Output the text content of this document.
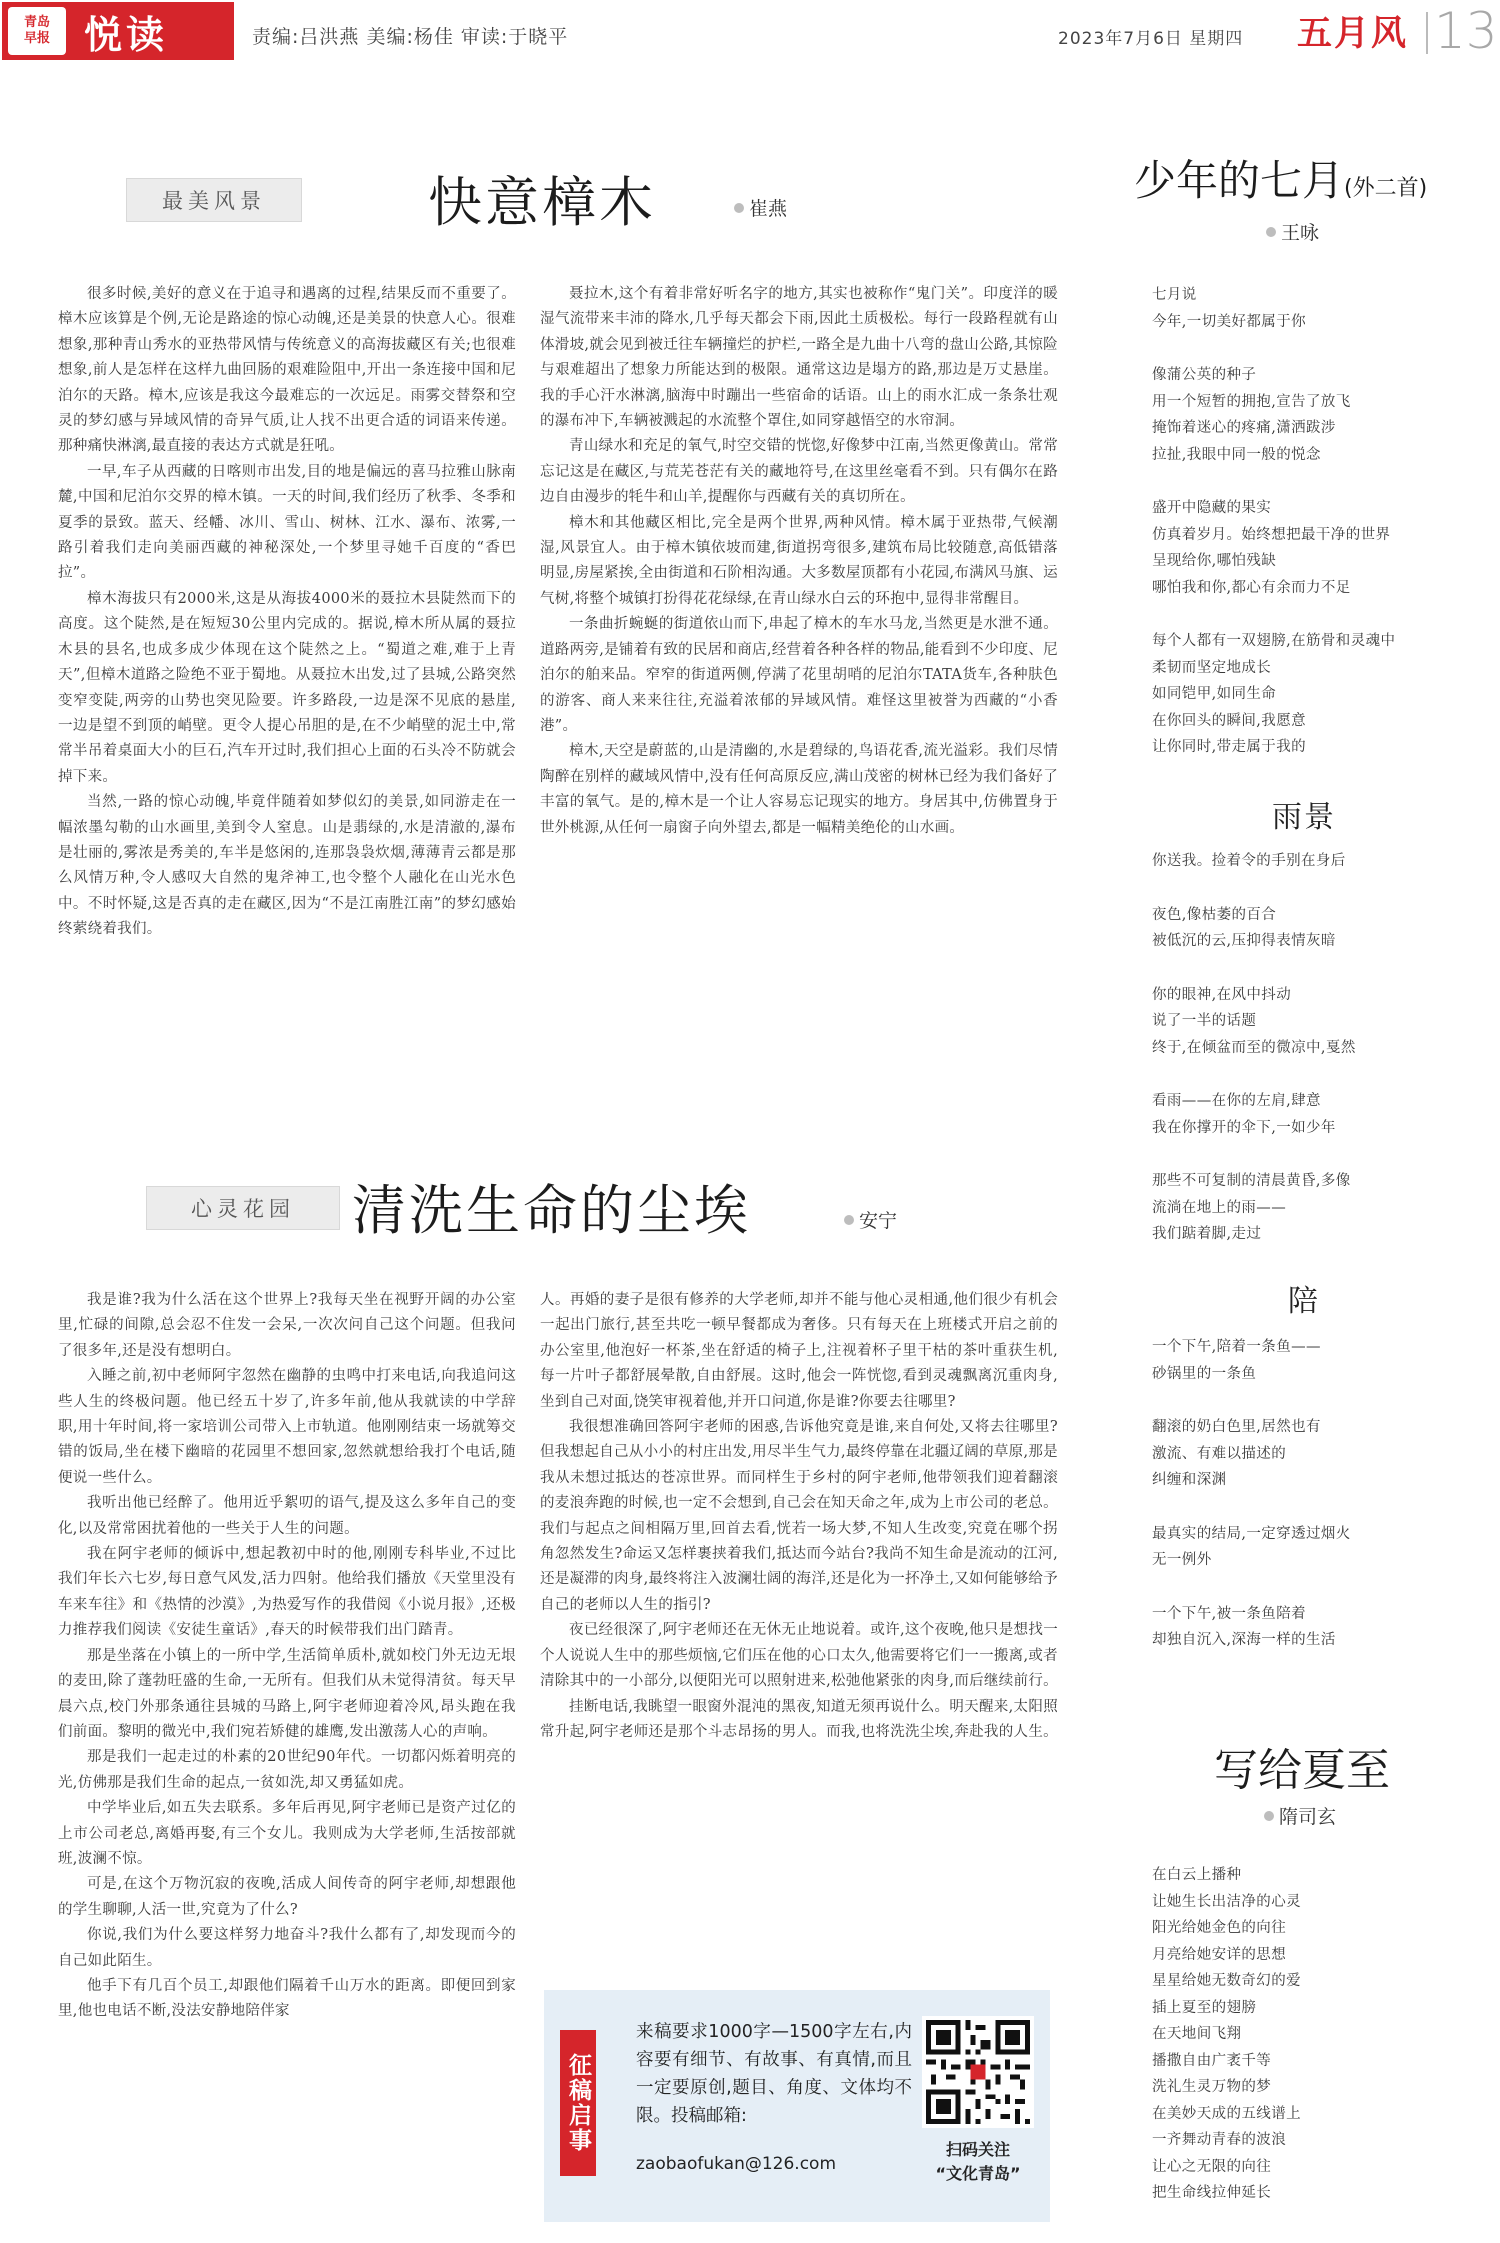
青岛
早报 悦读	责编:吕洪燕 美编:杨佳 审读:于晓平	2023年7月6日 星期四 五月风 13
最美风景	快意樟木	崔燕

很多时候,美好的意义在于追寻和遇离的过程,结果反而不重要了。樟木应该算是个例,无论是路途的惊心动魄,还是美景的快意人心。很难想象,那种青山秀水的亚热带风情与传统意义的高海拔藏区有关;也很难想象,前人是怎样在这样九曲回肠的艰难险阻中,开出一条连接中国和尼泊尔的天路。樟木,应该是我这今最难忘的一次远足。雨雾交替祭和空灵的梦幻感与异域风情的奇异气质,让人找不出更合适的词语来传递。那种痛快淋漓,最直接的表达方式就是狂吼。

一早,车子从西藏的日喀则市出发,目的地是偏远的喜马拉雅山脉南麓,中国和尼泊尔交界的樟木镇。一天的时间,我们经历了秋季、冬季和夏季的景致。蓝天、经幡、冰川、雪山、树林、江水、瀑布、浓雾,一路引着我们走向美丽西藏的神秘深处,一个梦里寻她千百度的“香巴拉”。

樟木海拔只有2000米,这是从海拔4000米的聂拉木县陡然而下的高度。这个陡然,是在短短30公里内完成的。据说,樟木所从属的聂拉木县的县名,也成多成少体现在这个陡然之上。“蜀道之难,难于上青天”,但樟木道路之险绝不亚于蜀地。从聂拉木出发,过了县城,公路突然变窄变陡,两旁的山势也突见险要。许多路段,一边是深不见底的悬崖,一边是望不到顶的峭壁。更令人提心吊胆的是,在不少峭壁的泥土中,常常半吊着桌面大小的巨石,汽车开过时,我们担心上面的石头冷不防就会掉下来。

当然,一路的惊心动魄,毕竟伴随着如梦似幻的美景,如同游走在一幅浓墨勾勒的山水画里,美到令人窒息。山是翡绿的,水是清澈的,瀑布是壮丽的,雾浓是秀美的,车半是悠闲的,连那袅袅炊烟,薄薄青云都是那么风情万种,令人感叹大自然的鬼斧神工,也令整个人融化在山光水色中。不时怀疑,这是否真的走在藏区,因为“不是江南胜江南”的梦幻感始终萦绕着我们。

聂拉木,这个有着非常好听名字的地方,其实也被称作“鬼门关”。印度洋的暖湿气流带来丰沛的降水,几乎每天都会下雨,因此土质极松。每行一段路程就有山体滑坡,就会见到被迁往车辆撞烂的护栏,一路全是九曲十八弯的盘山公路,其惊险与艰难超出了想象力所能达到的极限。通常这边是塌方的路,那边是万丈悬崖。我的手心汗水淋漓,脑海中时蹦出一些宿命的话语。山上的雨水汇成一条条壮观的瀑布冲下,车辆被溅起的水流整个罩住,如同穿越悟空的水帘洞。

青山绿水和充足的氧气,时空交错的恍惚,好像梦中江南,当然更像黄山。常常忘记这是在藏区,与荒芜苍茫有关的藏地符号,在这里丝毫看不到。只有偶尔在路边自由漫步的牦牛和山羊,提醒你与西藏有关的真切所在。

樟木和其他藏区相比,完全是两个世界,两种风情。樟木属于亚热带,气候潮湿,风景宜人。由于樟木镇依坡而建,街道拐弯很多,建筑布局比较随意,高低错落明显,房屋紧挨,全由街道和石阶相沟通。大多数屋顶都有小花园,布满风马旗、运气树,将整个城镇打扮得花花绿绿,在青山绿水白云的环抱中,显得非常醒目。

一条曲折蜿蜒的街道依山而下,串起了樟木的车水马龙,当然更是水泄不通。道路两旁,是铺着有致的民居和商店,经营着各种各样的物品,能看到不少印度、尼泊尔的舶来品。窄窄的街道两侧,停满了花里胡哨的尼泊尔TATA货车,各种肤色的游客、商人来来往往,充溢着浓郁的异域风情。难怪这里被誉为西藏的“小香港”。

樟木,天空是蔚蓝的,山是清幽的,水是碧绿的,鸟语花香,流光溢彩。我们尽情陶醉在别样的藏域风情中,没有任何高原反应,满山茂密的树林已经为我们备好了丰富的氧气。是的,樟木是一个让人容易忘记现实的地方。身居其中,仿佛置身于世外桃源,从任何一扇窗子向外望去,都是一幅精美绝伦的山水画。

心灵花园	清洗生命的尘埃	安宁

我是谁?我为什么活在这个世界上?我每天坐在视野开阔的办公室里,忙碌的间隙,总会忍不住发一会呆,一次次问自己这个问题。但我问了很多年,还是没有想明白。

入睡之前,初中老师阿宇忽然在幽静的虫鸣中打来电话,向我追问这些人生的终极问题。他已经五十岁了,许多年前,他从我就读的中学辞职,用十年时间,将一家培训公司带入上市轨道。他刚刚结束一场就筹交错的饭局,坐在楼下幽暗的花园里不想回家,忽然就想给我打个电话,随便说一些什么。

我听出他已经醉了。他用近乎絮叨的语气,提及这么多年自己的变化,以及常常困扰着他的一些关于人生的问题。

我在阿宇老师的倾诉中,想起教初中时的他,刚刚专科毕业,不过比我们年长六七岁,每日意气风发,活力四射。他给我们播放《天堂里没有车来车往》和《热情的沙漠》,为热爱写作的我借阅《小说月报》,还极力推荐我们阅读《安徒生童话》,春天的时候带我们出门踏青。

那是坐落在小镇上的一所中学,生活简单质朴,就如校门外无边无垠的麦田,除了蓬勃旺盛的生命,一无所有。但我们从未觉得清贫。每天早晨六点,校门外那条通往县城的马路上,阿宇老师迎着冷风,昂头跑在我们前面。黎明的微光中,我们宛若矫健的雄鹰,发出激荡人心的声响。

那是我们一起走过的朴素的20世纪90年代。一切都闪烁着明亮的光,仿佛那是我们生命的起点,一贫如洗,却又勇猛如虎。

中学毕业后,如五失去联系。多年后再见,阿宇老师已是资产过亿的上市公司老总,离婚再娶,有三个女儿。我则成为大学老师,生活按部就班,波澜不惊。

可是,在这个万物沉寂的夜晚,活成人间传奇的阿宇老师,却想跟他的学生聊聊,人活一世,究竟为了什么?

你说,我们为什么要这样努力地奋斗?我什么都有了,却发现而今的自己如此陌生。

他手下有几百个员工,却跟他们隔着千山万水的距离。即便回到家里,他也电话不断,没法安静地陪伴家

人。再婚的妻子是很有修养的大学老师,却并不能与他心灵相通,他们很少有机会一起出门旅行,甚至共吃一顿早餐都成为奢侈。只有每天在上班楼式开启之前的办公室里,他泡好一杯茶,坐在舒适的椅子上,注视着杯子里干枯的茶叶重获生机,每一片叶子都舒展晕散,自由舒展。这时,他会一阵恍惚,看到灵魂飘离沉重肉身,坐到自己对面,饶笑审视着他,并开口问道,你是谁?你要去往哪里?

我很想准确回答阿宇老师的困惑,告诉他究竟是谁,来自何处,又将去往哪里?但我想起自己从小小的村庄出发,用尽半生气力,最终停靠在北疆辽阔的草原,那是我从未想过抵达的苍凉世界。而同样生于乡村的阿宇老师,他带领我们迎着翻滚的麦浪奔跑的时候,也一定不会想到,自己会在知天命之年,成为上市公司的老总。我们与起点之间相隔万里,回首去看,恍若一场大梦,不知人生改变,究竟在哪个拐角忽然发生?命运又怎样裹挟着我们,抵达而今站台?我尚不知生命是流动的江河,还是凝滞的肉身,最终将注入波澜壮阔的海洋,还是化为一抔净土,又如何能够给予自己的老师以人生的指引?

夜已经很深了,阿宇老师还在无休无止地说着。或许,这个夜晚,他只是想找一个人说说人生中的那些烦恼,它们压在他的心口太久,他需要将它们一一搬离,或者清除其中的一小部分,以便阳光可以照射进来,松弛他紧张的肉身,而后继续前行。

挂断电话,我眺望一眼窗外混沌的黑夜,知道无须再说什么。明天醒来,太阳照常升起,阿宇老师还是那个斗志昂扬的男人。而我,也将洗洗尘埃,奔赴我的人生。

征稿启事
来稿要求1000字—1500字左右,内容要有细节、有故事、有真情,而且一定要原创,题目、角度、文体均不限。投稿邮箱:
zaobaofukan@126.com
扫码关注
“文化青岛”
少年的七月(外二首)
王咏
七月说
今年,一切美好都属于你
像蒲公英的种子
用一个短暂的拥抱,宣告了放飞
掩饰着迷心的疼痛,潇洒跋涉
拉扯,我眼中同一般的悦念
盛开中隐藏的果实
仿真着岁月。始终想把最干净的世界
呈现给你,哪怕残缺
哪怕我和你,都心有余而力不足
每个人都有一双翅膀,在筋骨和灵魂中
柔韧而坚定地成长
如同铠甲,如同生命
在你回头的瞬间,我愿意
让你同时,带走属于我的
雨景
你送我。捡着令的手别在身后
夜色,像枯萎的百合
被低沉的云,压抑得表情灰暗
你的眼神,在风中抖动
说了一半的话题
终于,在倾盆而至的微凉中,戛然
看雨——在你的左肩,肆意
我在你撑开的伞下,一如少年
那些不可复制的清晨黄昏,多像
流淌在地上的雨——
我们踮着脚,走过
陪
一个下午,陪着一条鱼——
砂锅里的一条鱼
翻滚的奶白色里,居然也有
激流、有难以描述的
纠缠和深渊
最真实的结局,一定穿透过烟火
无一例外
一个下午,被一条鱼陪着
却独自沉入,深海一样的生活
写给夏至
隋司玄
在白云上播种
让她生长出洁净的心灵
阳光给她金色的向往
月亮给她安详的思想
星星给她无数奇幻的爱
插上夏至的翅膀
在天地间飞翔
播撒自由广袤千等
洗礼生灵万物的梦
在美妙天成的五线谱上
一齐舞动青春的波浪
让心之无限的向往
把生命线拉伸延长
